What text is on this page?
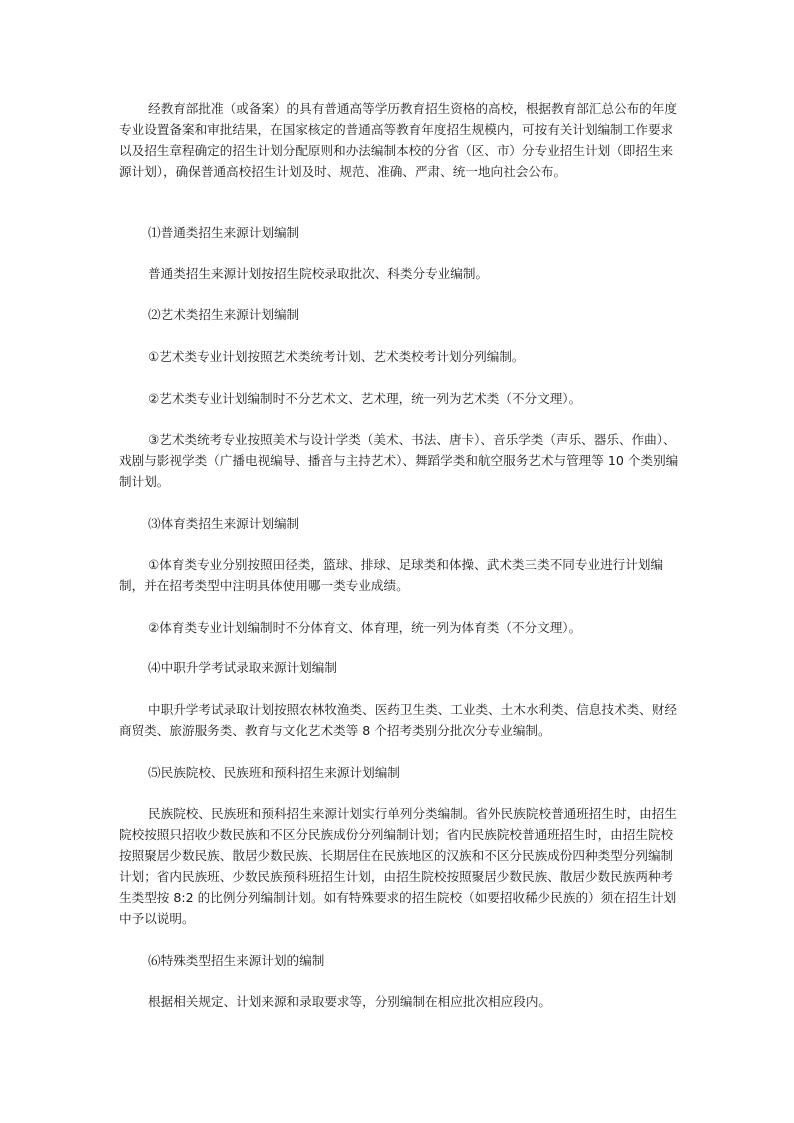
经教育部批准（或备案）的具有普通高等学历教育招生资格的高校，根据教育部汇总公布的年度专业设置备案和审批结果，在国家核定的普通高等教育年度招生规模内，可按有关计划编制工作要求以及招生章程确定的招生计划分配原则和办法编制本校的分省（区、市）分专业招生计划（即招生来源计划），确保普通高校招生计划及时、规范、准确、严肃、统一地向社会公布。

⑴普通类招生来源计划编制

普通类招生来源计划按招生院校录取批次、科类分专业编制。

⑵艺术类招生来源计划编制

①艺术类专业计划按照艺术类统考计划、艺术类校考计划分列编制。

②艺术类专业计划编制时不分艺术文、艺术理，统一列为艺术类（不分文理）。

③艺术类统考专业按照美术与设计学类（美术、书法、唐卡）、音乐学类（声乐、器乐、作曲）、戏剧与影视学类（广播电视编导、播音与主持艺术）、舞蹈学类和航空服务艺术与管理等 10 个类别编制计划。

⑶体育类招生来源计划编制

①体育类专业分别按照田径类，篮球、排球、足球类和体操、武术类三类不同专业进行计划编制，并在招考类型中注明具体使用哪一类专业成绩。

②体育类专业计划编制时不分体育文、体育理，统一列为体育类（不分文理）。

⑷中职升学考试录取来源计划编制

中职升学考试录取计划按照农林牧渔类、医药卫生类、工业类、土木水利类、信息技术类、财经商贸类、旅游服务类、教育与文化艺术类等 8 个招考类别分批次分专业编制。

⑸民族院校、民族班和预科招生来源计划编制

民族院校、民族班和预科招生来源计划实行单列分类编制。省外民族院校普通班招生时，由招生院校按照只招收少数民族和不区分民族成份分列编制计划；省内民族院校普通班招生时，由招生院校按照聚居少数民族、散居少数民族、长期居住在民族地区的汉族和不区分民族成份四种类型分列编制计划；省内民族班、少数民族预科班招生计划，由招生院校按照聚居少数民族、散居少数民族两种考生类型按 8:2 的比例分列编制计划。如有特殊要求的招生院校（如要招收稀少民族的）须在招生计划中予以说明。

⑹特殊类型招生来源计划的编制

根据相关规定、计划来源和录取要求等，分别编制在相应批次相应段内。
